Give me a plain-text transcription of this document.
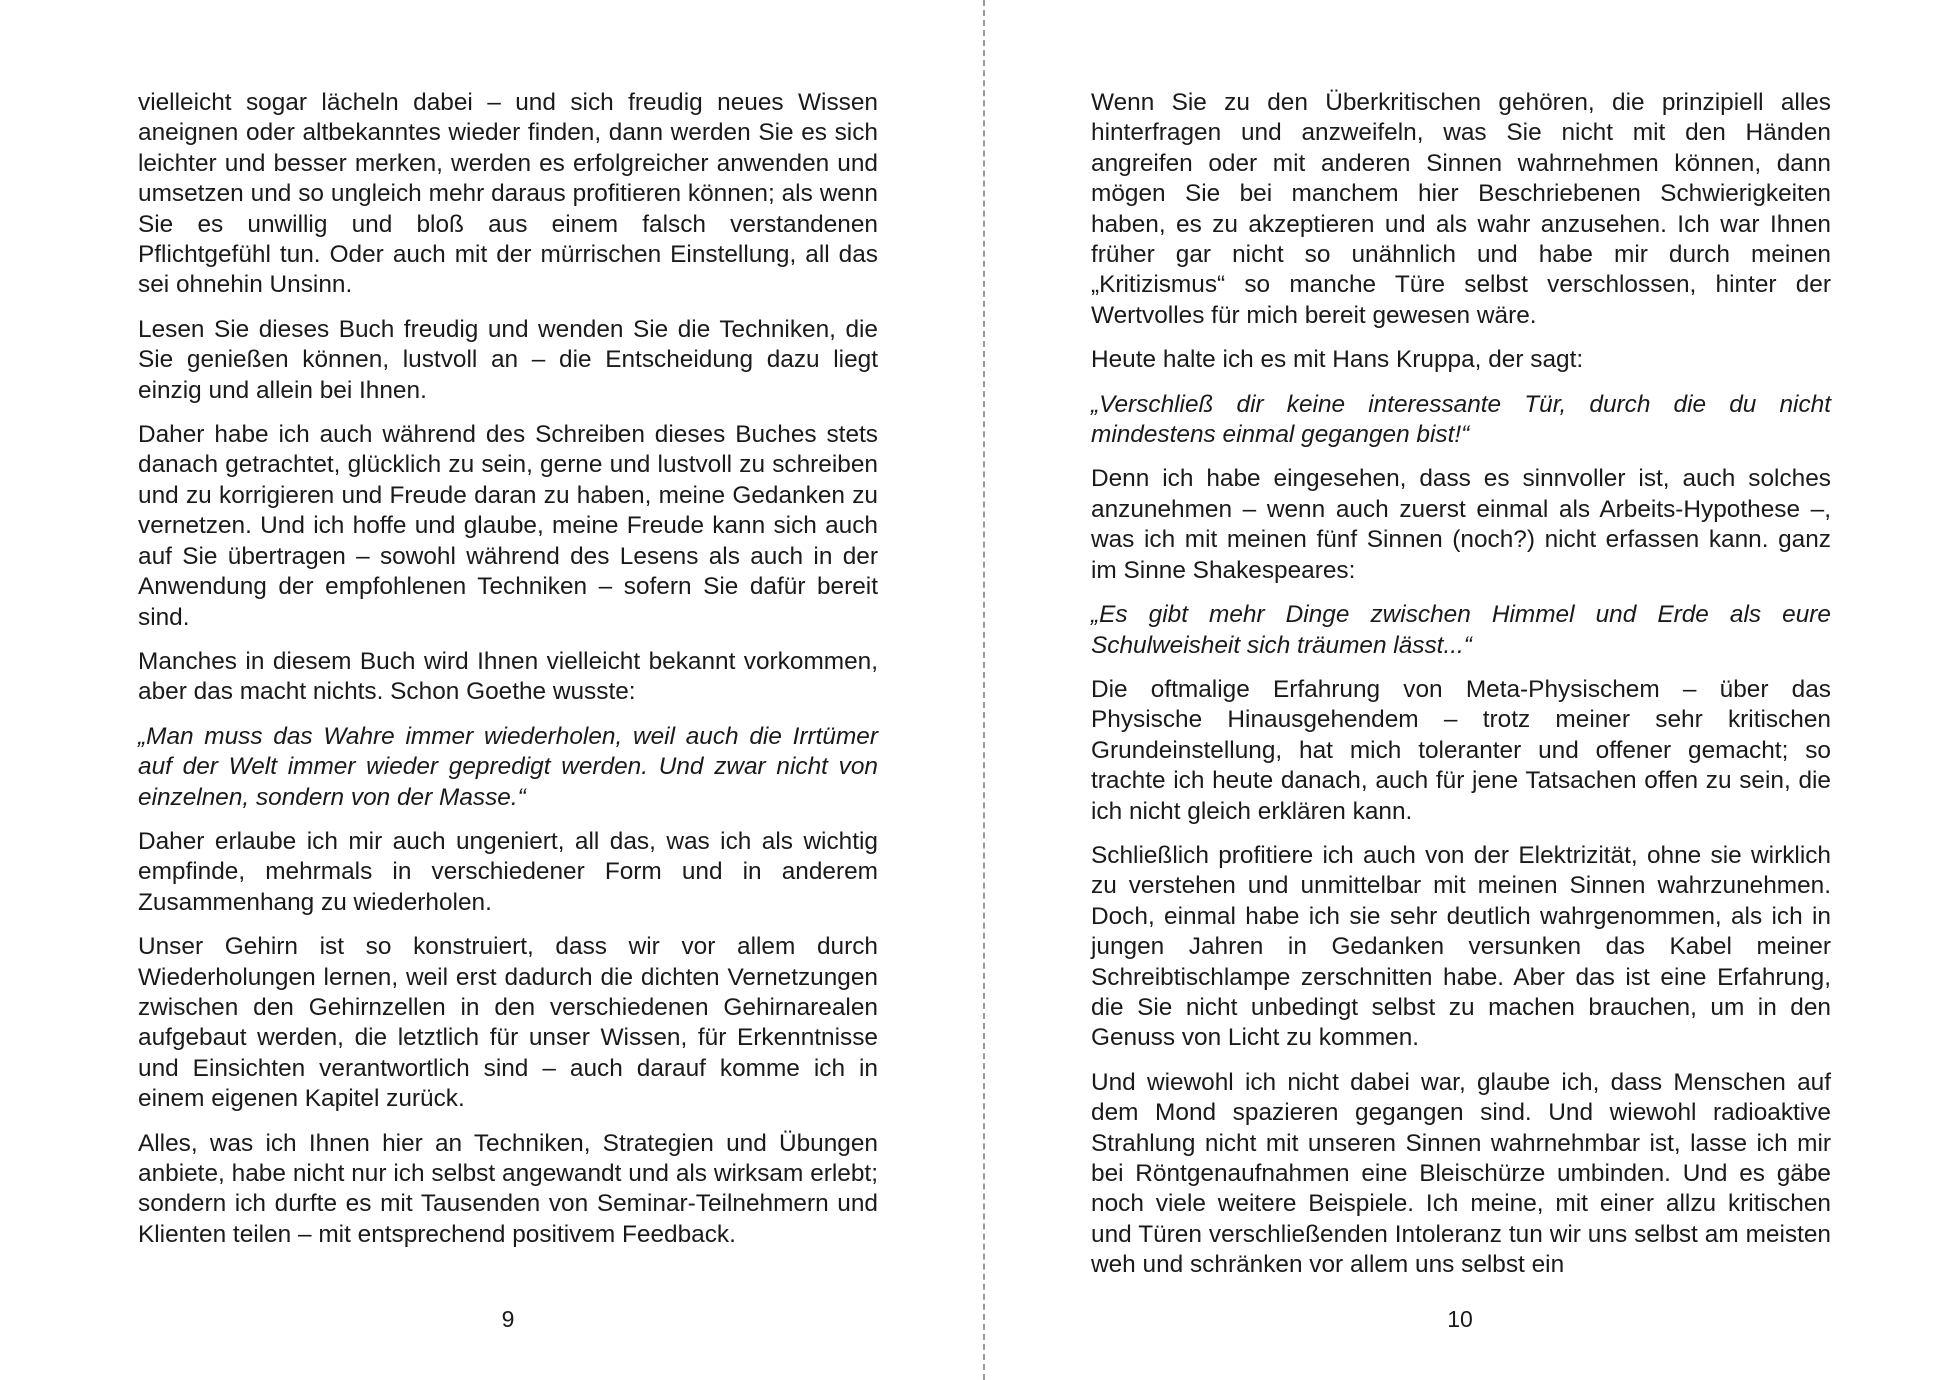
vielleicht sogar lächeln dabei – und sich freudig neues Wissen aneignen oder altbekanntes wieder finden, dann werden Sie es sich leichter und besser merken, werden es erfolgreicher anwenden und umsetzen und so ungleich mehr daraus profitieren können; als wenn Sie es unwillig und bloß aus einem falsch verstandenen Pflichtgefühl tun. Oder auch mit der mürrischen Einstellung, all das sei ohnehin Unsinn.

Lesen Sie dieses Buch freudig und wenden Sie die Techniken, die Sie genießen können, lustvoll an – die Entscheidung dazu liegt einzig und allein bei Ihnen.

Daher habe ich auch während des Schreiben dieses Buches stets danach getrachtet, glücklich zu sein, gerne und lustvoll zu schreiben und zu korrigieren und Freude daran zu haben, meine Gedanken zu vernetzen. Und ich hoffe und glaube, meine Freude kann sich auch auf Sie übertragen – sowohl während des Lesens als auch in der Anwendung der empfohlenen Techniken – sofern Sie dafür bereit sind.

Manches in diesem Buch wird Ihnen vielleicht bekannt vorkommen, aber das macht nichts. Schon Goethe wusste:

„Man muss das Wahre immer wiederholen, weil auch die Irrtümer auf der Welt immer wieder gepredigt werden. Und zwar nicht von einzelnen, sondern von der Masse.“

Daher erlaube ich mir auch ungeniert, all das, was ich als wichtig empfinde, mehrmals in verschiedener Form und in anderem Zusammenhang zu wiederholen.

Unser Gehirn ist so konstruiert, dass wir vor allem durch Wiederholungen lernen, weil erst dadurch die dichten Vernetzungen zwischen den Gehirnzellen in den verschiedenen Gehirnarealen aufgebaut werden, die letztlich für unser Wissen, für Erkenntnisse und Einsichten verantwortlich sind – auch darauf komme ich in einem eigenen Kapitel zurück.

Alles, was ich Ihnen hier an Techniken, Strategien und Übungen anbiete, habe nicht nur ich selbst angewandt und als wirksam erlebt; sondern ich durfte es mit Tausenden von Seminar-Teilnehmern und Klienten teilen – mit entsprechend positivem Feedback.

9

Wenn Sie zu den Überkritischen gehören, die prinzipiell alles hinterfragen und anzweifeln, was Sie nicht mit den Händen angreifen oder mit anderen Sinnen wahrnehmen können, dann mögen Sie bei manchem hier Beschriebenen Schwierigkeiten haben, es zu akzeptieren und als wahr anzusehen. Ich war Ihnen früher gar nicht so unähnlich und habe mir durch meinen „Kritizismus“ so manche Türe selbst verschlossen, hinter der Wertvolles für mich bereit gewesen wäre.

Heute halte ich es mit Hans Kruppa, der sagt:

„Verschließ dir keine interessante Tür, durch die du nicht mindestens einmal gegangen bist!“

Denn ich habe eingesehen, dass es sinnvoller ist, auch solches anzunehmen – wenn auch zuerst einmal als Arbeits-Hypothese –, was ich mit meinen fünf Sinnen (noch?) nicht erfassen kann. ganz im Sinne Shakespeares:

„Es gibt mehr Dinge zwischen Himmel und Erde als eure Schulweisheit sich träumen lässt...“

Die oftmalige Erfahrung von Meta-Physischem – über das Physische Hinausgehendem – trotz meiner sehr kritischen Grundeinstellung, hat mich toleranter und offener gemacht; so trachte ich heute danach, auch für jene Tatsachen offen zu sein, die ich nicht gleich erklären kann.

Schließlich profitiere ich auch von der Elektrizität, ohne sie wirklich zu verstehen und unmittelbar mit meinen Sinnen wahrzunehmen. Doch, einmal habe ich sie sehr deutlich wahrgenommen, als ich in jungen Jahren in Gedanken versunken das Kabel meiner Schreibtischlampe zerschnitten habe. Aber das ist eine Erfahrung, die Sie nicht unbedingt selbst zu machen brauchen, um in den Genuss von Licht zu kommen.

Und wiewohl ich nicht dabei war, glaube ich, dass Menschen auf dem Mond spazieren gegangen sind. Und wiewohl radioaktive Strahlung nicht mit unseren Sinnen wahrnehmbar ist, lasse ich mir bei Röntgenaufnahmen eine Bleischürze umbinden. Und es gäbe noch viele weitere Beispiele. Ich meine, mit einer allzu kritischen und Türen verschließenden Intoleranz tun wir uns selbst am meisten weh und schränken vor allem uns selbst ein

10
